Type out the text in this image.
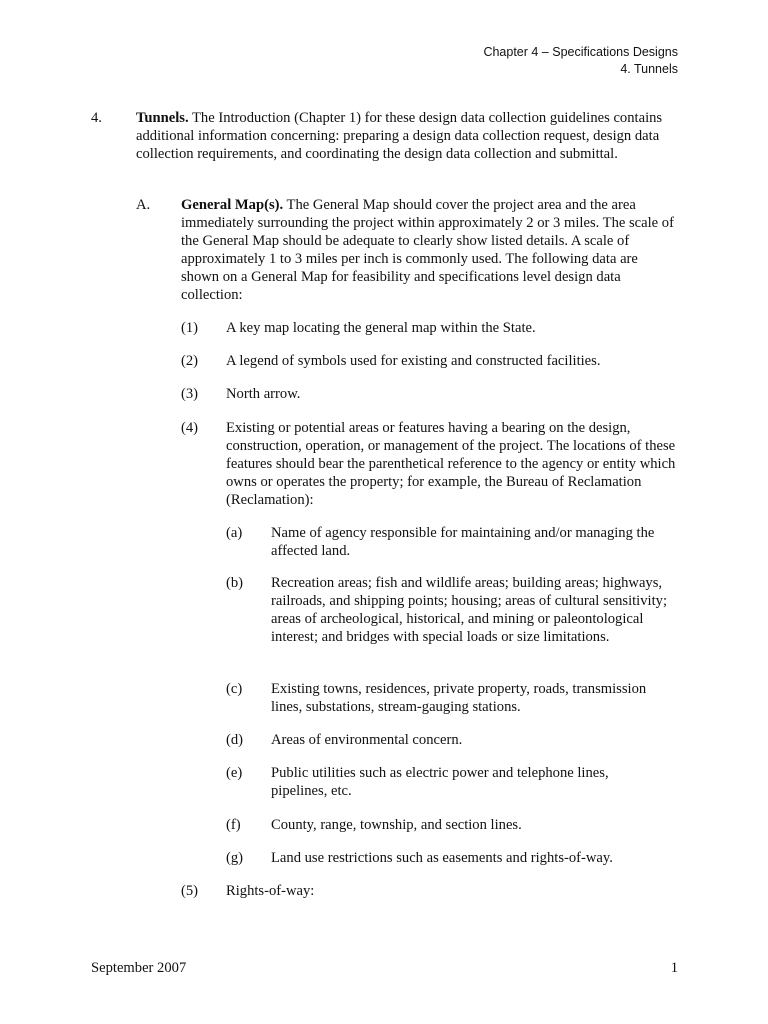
Chapter 4 – Specifications Designs
4. Tunnels
4. Tunnels. The Introduction (Chapter 1) for these design data collection guidelines contains additional information concerning: preparing a design data collection request, design data collection requirements, and coordinating the design data collection and submittal.
A. General Map(s). The General Map should cover the project area and the area immediately surrounding the project within approximately 2 or 3 miles. The scale of the General Map should be adequate to clearly show listed details. A scale of approximately 1 to 3 miles per inch is commonly used. The following data are shown on a General Map for feasibility and specifications level design data collection:
(1) A key map locating the general map within the State.
(2) A legend of symbols used for existing and constructed facilities.
(3) North arrow.
(4) Existing or potential areas or features having a bearing on the design, construction, operation, or management of the project. The locations of these features should bear the parenthetical reference to the agency or entity which owns or operates the property; for example, the Bureau of Reclamation (Reclamation):
(a) Name of agency responsible for maintaining and/or managing the affected land.
(b) Recreation areas; fish and wildlife areas; building areas; highways, railroads, and shipping points; housing; areas of cultural sensitivity; areas of archeological, historical, and mining or paleontological interest; and bridges with special loads or size limitations.
(c) Existing towns, residences, private property, roads, transmission lines, substations, stream-gauging stations.
(d) Areas of environmental concern.
(e) Public utilities such as electric power and telephone lines, pipelines, etc.
(f) County, range, township, and section lines.
(g) Land use restrictions such as easements and rights-of-way.
(5) Rights-of-way:
September 2007	1
